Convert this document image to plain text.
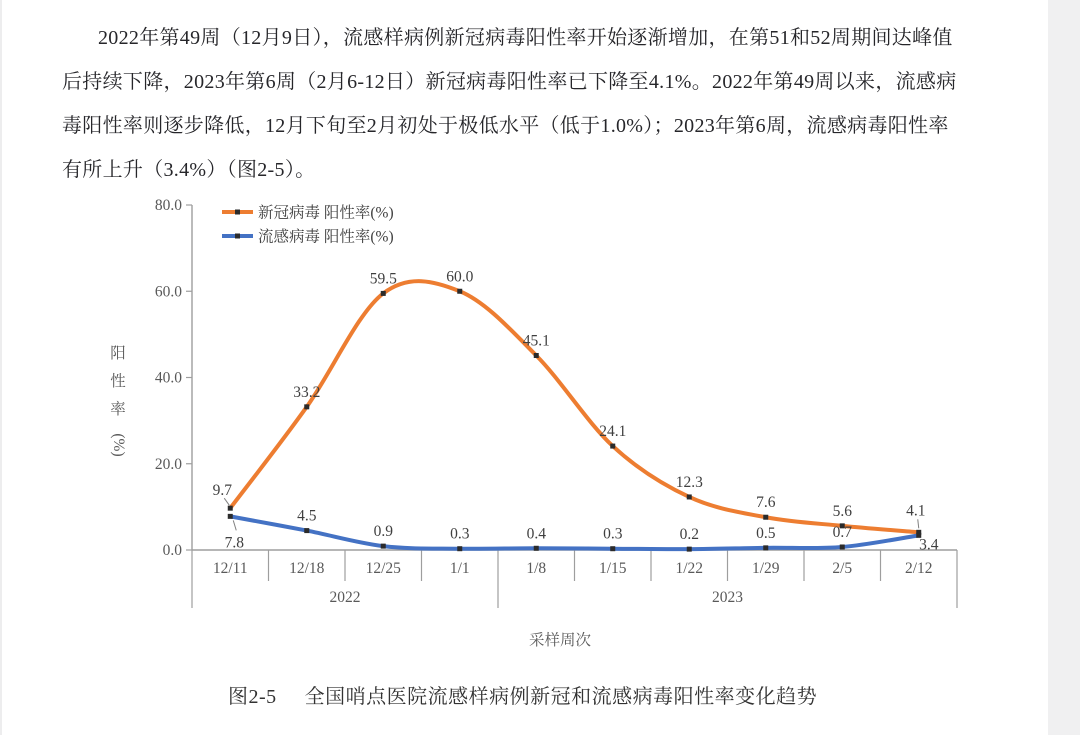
2022年第49周（12月9日），流感样病例新冠病毒阳性率开始逐渐增加，在第51和52周期间达峰值
后持续下降，2023年第6周（2月6-12日）新冠病毒阳性率已下降至4.1%。2022年第49周以来，流感病
毒阳性率则逐步降低，12月下旬至2月初处于极低水平（低于1.0%）；2023年第6周，流感病毒阳性率
有所上升（3.4%）（图2-5）。
0.0
20.0
40.0
60.0
80.0
12/11	12/18	12/25	1/1	1/8	1/15	1/22	1/29	2/5	2/12
2022	2023
采样周次
新冠病毒 阳性率(%)
流感病毒 阳性率(%)
9.7
33.2
59.5	60.0
45.1
24.1
12.3
7.6
5.6	4.1
7.8
4.5
0.9	0.3	0.4	0.3	0.2	0.5	0.7
3.4
阳
性
率
(%)
图2-5 全国哨点医院流感样病例新冠和流感病毒阳性率变化趋势
